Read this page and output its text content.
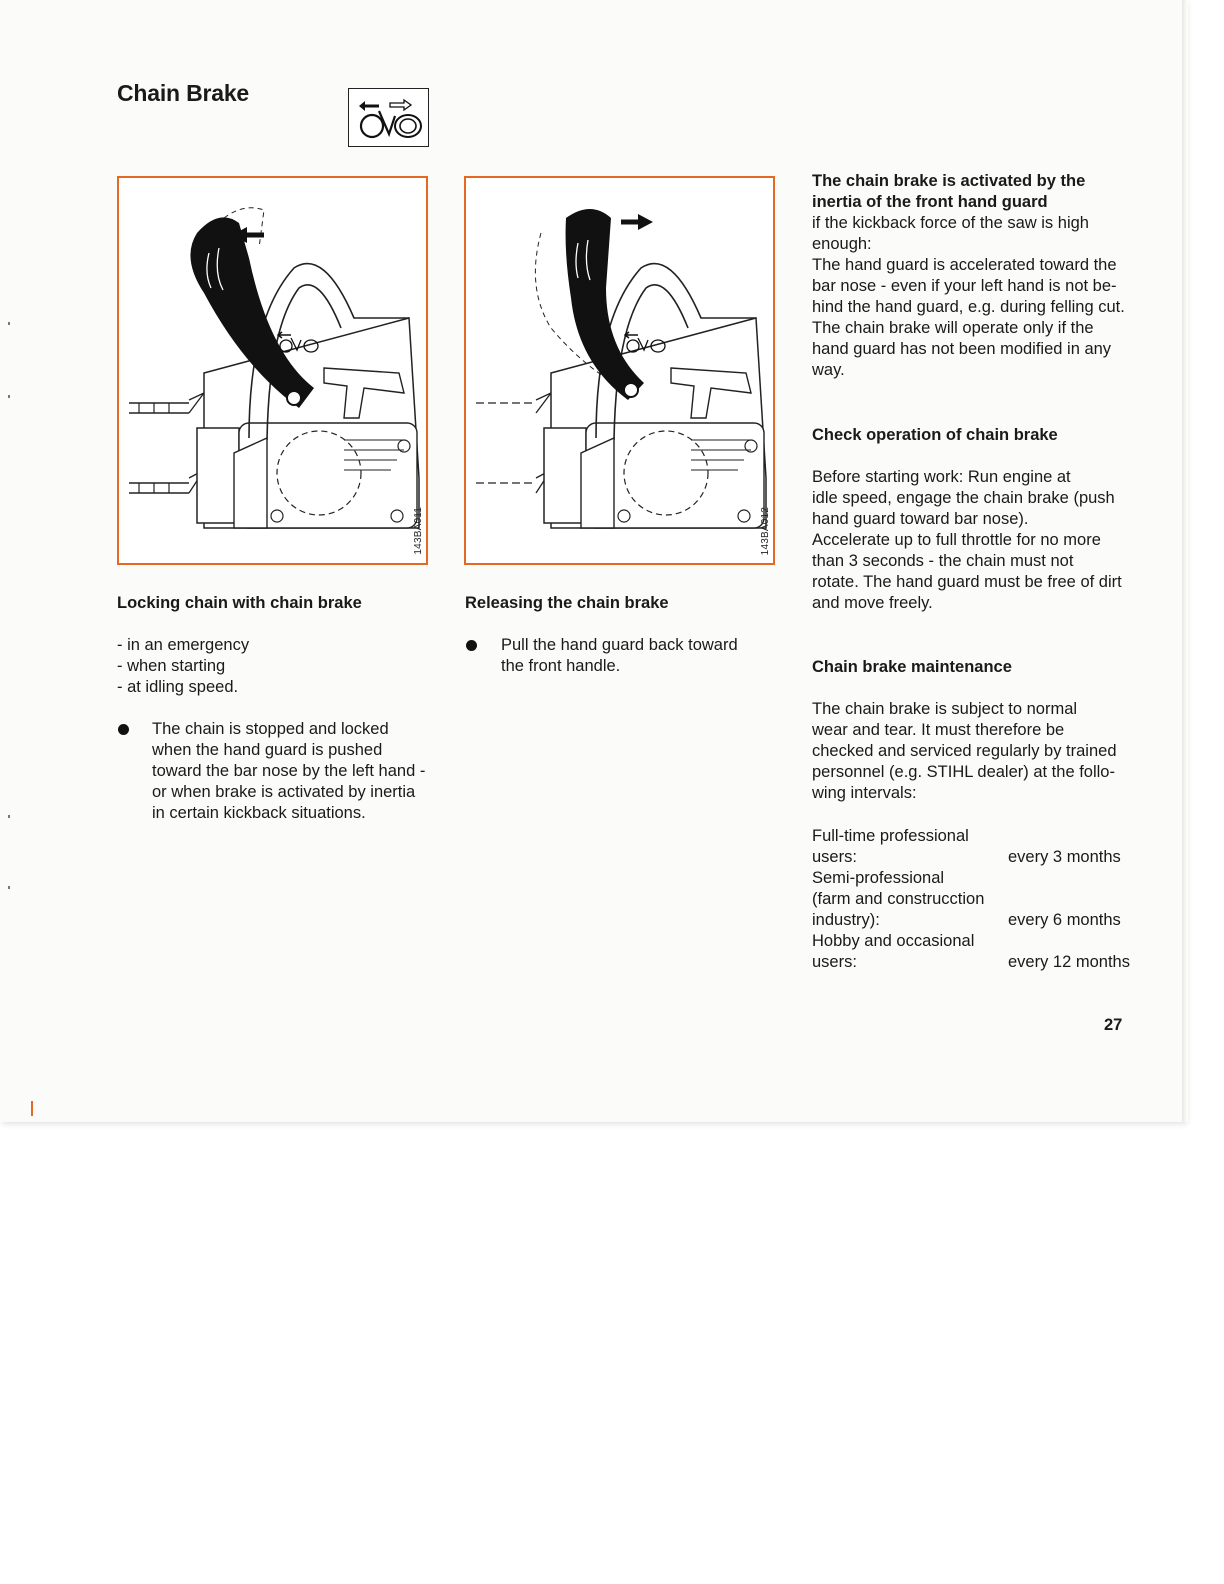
Chain Brake
143BA011	143BA012
Locking chain with chain brake
- in an emergency
- when starting
- at idling speed.
The chain is stopped and locked
when the hand guard is pushed
toward the bar nose by the left hand -
or when brake is activated by inertia
in certain kickback situations.
Releasing the chain brake
Pull the hand guard back toward
the front handle.
The chain brake is activated by the
inertia of the front hand guard
if the kickback force of the saw is high
enough:
The hand guard is accelerated toward the
bar nose - even if your left hand is not be-
hind the hand guard, e.g. during felling cut.
The chain brake will operate only if the
hand guard has not been modified in any
way.
Check operation of chain brake
Before starting work: Run engine at
idle speed, engage the chain brake (push
hand guard toward bar nose).
Accelerate up to full throttle for no more
than 3 seconds - the chain must not
rotate. The hand guard must be free of dirt
and move freely.
Chain brake maintenance
The chain brake is subject to normal
wear and tear. It must therefore be
checked and serviced regularly by trained
personnel (e.g. STIHL dealer) at the follo-
wing intervals:
Full-time professional
users:	every 3 months
Semi-professional
(farm and construcction
industry):	every 6 months
Hobby and occasional
users:	every 12 months

27
